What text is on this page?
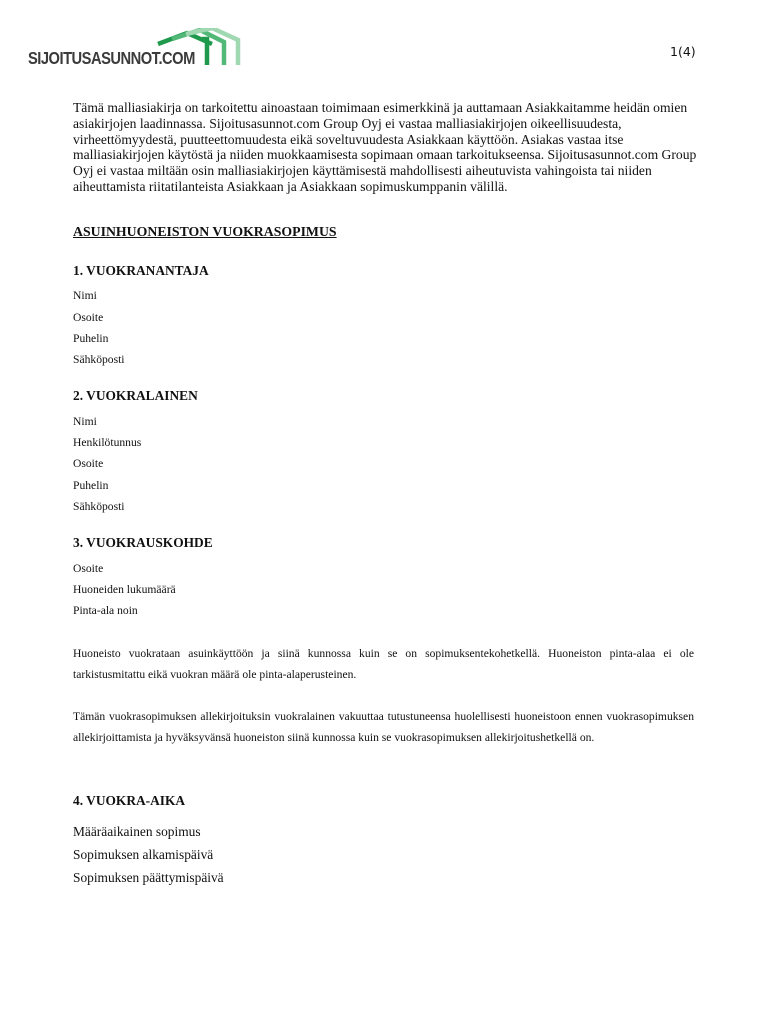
SIJOITUSASUNNOT.COM	1(4)

Tämä malliasiakirja on tarkoitettu ainoastaan toimimaan esimerkkinä ja auttamaan Asiakkaitamme heidän omien asiakirjojen laadinnassa. Sijoitusasunnot.com Group Oyj ei vastaa malliasiakirjojen oikeellisuudesta, virheettömyydestä, puutteettomuudesta eikä soveltuvuudesta Asiakkaan käyttöön. Asiakas vastaa itse malliasiakirjojen käytöstä ja niiden muokkaamisesta sopimaan omaan tarkoitukseensa. Sijoitusasunnot.com Group Oyj ei vastaa miltään osin malliasiakirjojen käyttämisestä mahdollisesti aiheutuvista vahingoista tai niiden aiheuttamista riitatilanteista Asiakkaan ja Asiakkaan sopimuskumppanin välillä.

ASUINHUONEISTON VUOKRASOPIMUS

1. VUOKRANANTAJA

Nimi

Osoite

Puhelin

Sähköposti

2. VUOKRALAINEN

Nimi

Henkilötunnus

Osoite

Puhelin

Sähköposti

3. VUOKRAUSKOHDE

Osoite

Huoneiden lukumäärä

Pinta-ala noin

Huoneisto vuokrataan asuinkäyttöön ja siinä kunnossa kuin se on sopimuksentekohetkellä. Huoneiston pinta-alaa ei ole tarkistusmitattu eikä vuokran määrä ole pinta-alaperusteinen.

Tämän vuokrasopimuksen allekirjoituksin vuokralainen vakuuttaa tutustuneensa huolellisesti huoneistoon ennen vuokrasopimuksen allekirjoittamista ja hyväksyvänsä huoneiston siinä kunnossa kuin se vuokrasopimuksen allekirjoitushetkellä on.

4. VUOKRA-AIKA

Määräaikainen sopimus

Sopimuksen alkamispäivä

Sopimuksen päättymispäivä
